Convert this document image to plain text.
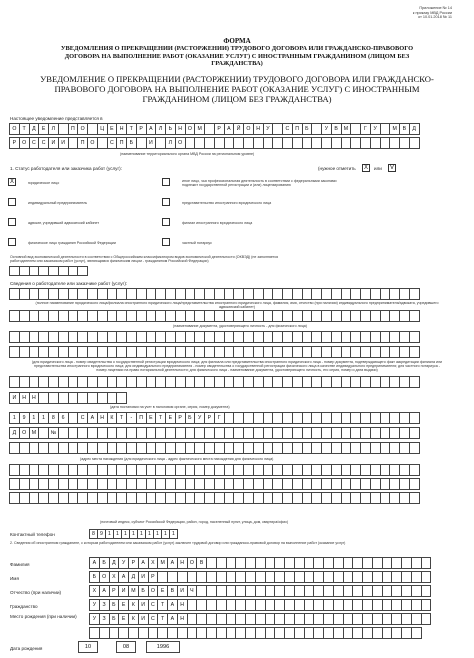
Приложение № 14
к приказу МВД России
от 10.01.2018 № 11
ФОРМА
УВЕДОМЛЕНИЯ О ПРЕКРАЩЕНИИ (РАСТОРЖЕНИИ) ТРУДОВОГО ДОГОВОРА ИЛИ ГРАЖДАНСКО-ПРАВОВОГО ДОГОВОРА НА ВЫПОЛНЕНИЕ РАБОТ (ОКАЗАНИЕ УСЛУГ) С ИНОСТРАННЫМ ГРАЖДАНИНОМ (ЛИЦОМ БЕЗ ГРАЖДАНСТВА)
УВЕДОМЛЕНИЕ О ПРЕКРАЩЕНИИ (РАСТОРЖЕНИИ) ТРУДОВОГО ДОГОВОРА ИЛИ ГРАЖДАНСКО-ПРАВОВОГО ДОГОВОРА НА ВЫПОЛНЕНИЕ РАБОТ (ОКАЗАНИЕ УСЛУГ) С ИНОСТРАННЫМ ГРАЖДАНИНОМ (ЛИЦОМ БЕЗ ГРАЖДАНСТВА)
Настоящее уведомление представляется в
О	Т	Д	Е	Л	П	О	Ц	Е	Н	Т	Р	А	Л	Ь	Н	О	М	Р	А	Й	О	Н	У	С	П	Б	У	В	М	Г	У	М	В	Д
Р	О	С	С	И	И	П	О	С	П	Б	И	Л	О
(наименование территориального органа МВД России на региональном уровне)
1. Статус работодателя или заказчика работ (услуг):	(нужное отметить	X	или	V
X	юридическое лицо
индивидуальный предприниматель
адвокат, учредивший адвокатский кабинет
физическое лицо гражданин Российской Федерации
иное лицо, чья профессиональная деятельность в соответствии с федеральными законами подлежит государственной регистрации и (или) лицензированию
представительство иностранного юридического лица
филиал иностранного юридического лица
частный нотариус
Основной вид экономической деятельности в соответствии с Общероссийским классификатором видов экономической деятельности (ОКВЭД) (не заполняется работодателем или заказчиком работ (услуг), являющимся физическим лицом - гражданином Российской Федерации)
Сведения о работодателе или заказчике работ (услуг):
(полное наименование юридического лица/филиала иностранного юридического лица/представительства иностранного юридического лица, фамилия, имя, отчество (при наличии) индивидуального предпринимателя/адвоката, учредившего адвокатский кабинет)
(наименование документа, удостоверяющего личность - для физического лица)
(для юридического лица - номер свидетельства о государственной регистрации юридического лица; для филиала или представительства иностранного юридического лица - номер документа, подтверждающего факт аккредитации филиала или представительства иностранного юридического лица; для индивидуального предпринимателя - номер свидетельства о государственной регистрации физического лица в качестве индивидуального предпринимателя; для частного нотариуса - номер лицензии на право нотариальной деятельности; для физического лица - наименование документа, удостоверяющего личность, его серия, номер и дата выдачи)
И	Н	Н
(дата постановки на учет в налоговом органе, серия, номер документа)
1	9	1	1	8	6	С	А	Н	К	Т	-	П	Е	Т	Е	Р	Б	У	Р	Г
Д	О	М	№
(адрес места нахождения (для юридического лица - адрес фактического места нахождения для физического лица)
(почтовый индекс, субъект Российской Федерации, район, город, населенный пункт, улица, дом, квартира/офис)
Контактный телефон	8 9 1 1 1 1 1 1 1 1 1
2. Сведения об иностранном гражданине, с которым работодателем или заказчиком работ (услуг) заключен трудовой договор или гражданско-правовой договор на выполнение работ (оказание услуг)
Фамилия	А	Б	Д	У	Р	А	Х	М	А	Н	О	В
Имя	Б	О	Х	А	Д	И	Р
Отчество (при наличии)	Х	А	Р	И	М	Б	О	Е	В	И	Ч
Гражданство	У	З	Б	Е	К	И	С	Т	А	Н
Место рождения (при наличии)	У	З	Б	Е	К	И	С	Т	А	Н
Дата рождения	10	08	1996
